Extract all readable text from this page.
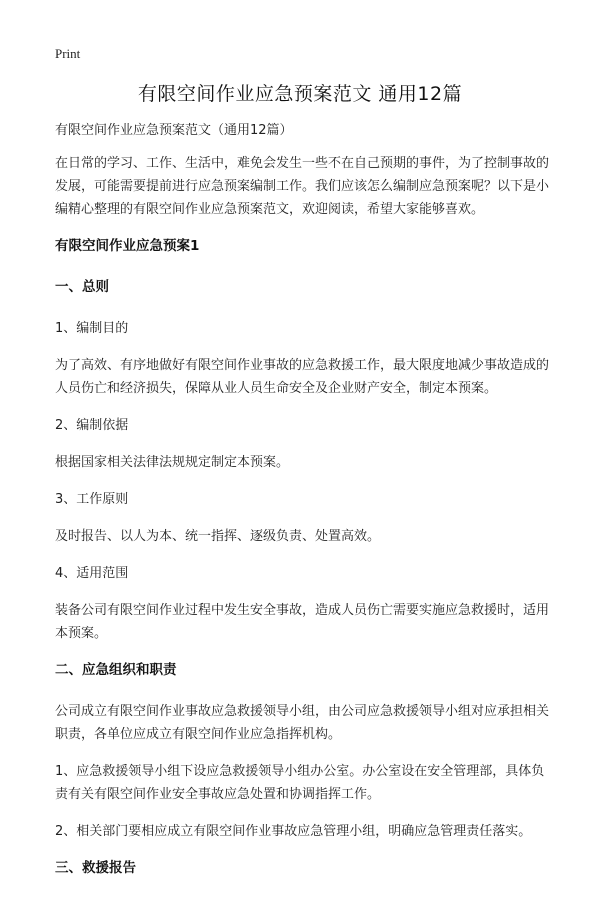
Print
有限空间作业应急预案范文 通用12篇

有限空间作业应急预案范文（通用12篇）

在日常的学习、工作、生活中，难免会发生一些不在自己预期的事件，为了控制事故的发展，可能需要提前进行应急预案编制工作。我们应该怎么编制应急预案呢？以下是小编精心整理的有限空间作业应急预案范文，欢迎阅读，希望大家能够喜欢。

有限空间作业应急预案1

一、总则

1、编制目的

为了高效、有序地做好有限空间作业事故的应急救援工作，最大限度地减少事故造成的人员伤亡和经济损失，保障从业人员生命安全及企业财产安全，制定本预案。

2、编制依据

根据国家相关法律法规规定制定本预案。

3、工作原则

及时报告、以人为本、统一指挥、逐级负责、处置高效。

4、适用范围

装备公司有限空间作业过程中发生安全事故，造成人员伤亡需要实施应急救援时，适用本预案。

二、应急组织和职责

公司成立有限空间作业事故应急救援领导小组，由公司应急救援领导小组对应承担相关职责，各单位应成立有限空间作业应急指挥机构。

1、应急救援领导小组下设应急救援领导小组办公室。办公室设在安全管理部，具体负责有关有限空间作业安全事故应急处置和协调指挥工作。

2、相关部门要相应成立有限空间作业事故应急管理小组，明确应急管理责任落实。

三、救援报告
